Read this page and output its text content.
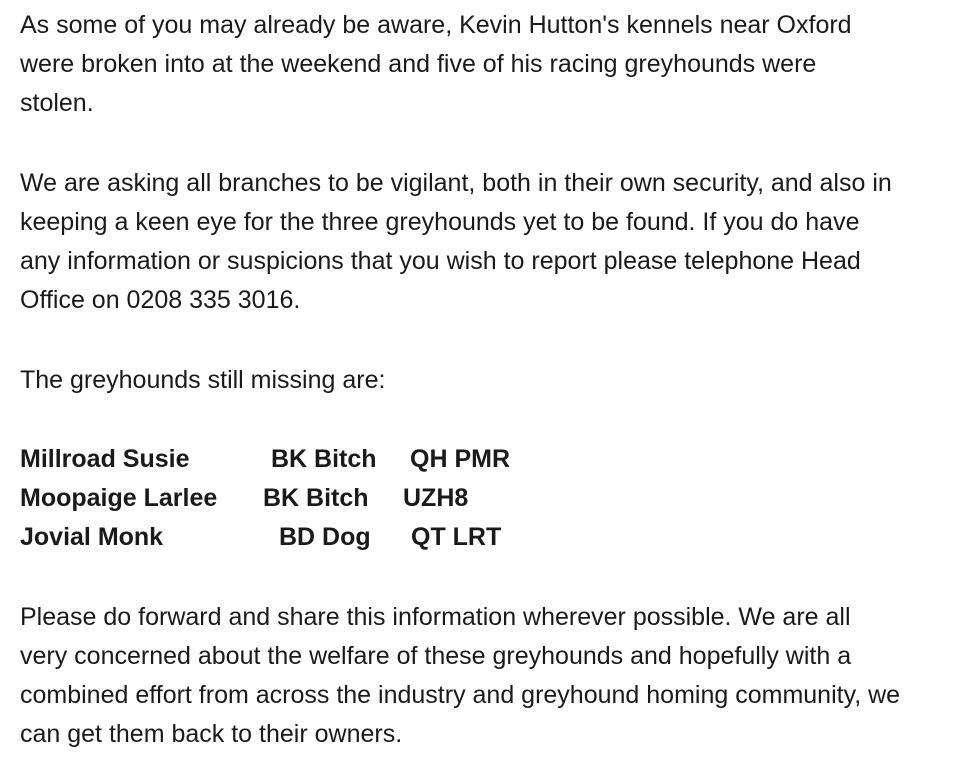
As some of you may already be aware, Kevin Hutton's kennels near Oxford
were broken into at the weekend and five of his racing greyhounds were
stolen.
We are asking all branches to be vigilant, both in their own security, and also in
keeping a keen eye for the three greyhounds yet to be found. If you do have
any information or suspicions that you wish to report please telephone Head
Office on 0208 335 3016.
The greyhounds still missing are:
Millroad Susie	BK Bitch QH PMR
Moopaige Larlee BK Bitch UZH8
Jovial Monk	BD Dog QT LRT
Please do forward and share this information wherever possible. We are all
very concerned about the welfare of these greyhounds and hopefully with a
combined effort from across the industry and greyhound homing community, we
can get them back to their owners.
